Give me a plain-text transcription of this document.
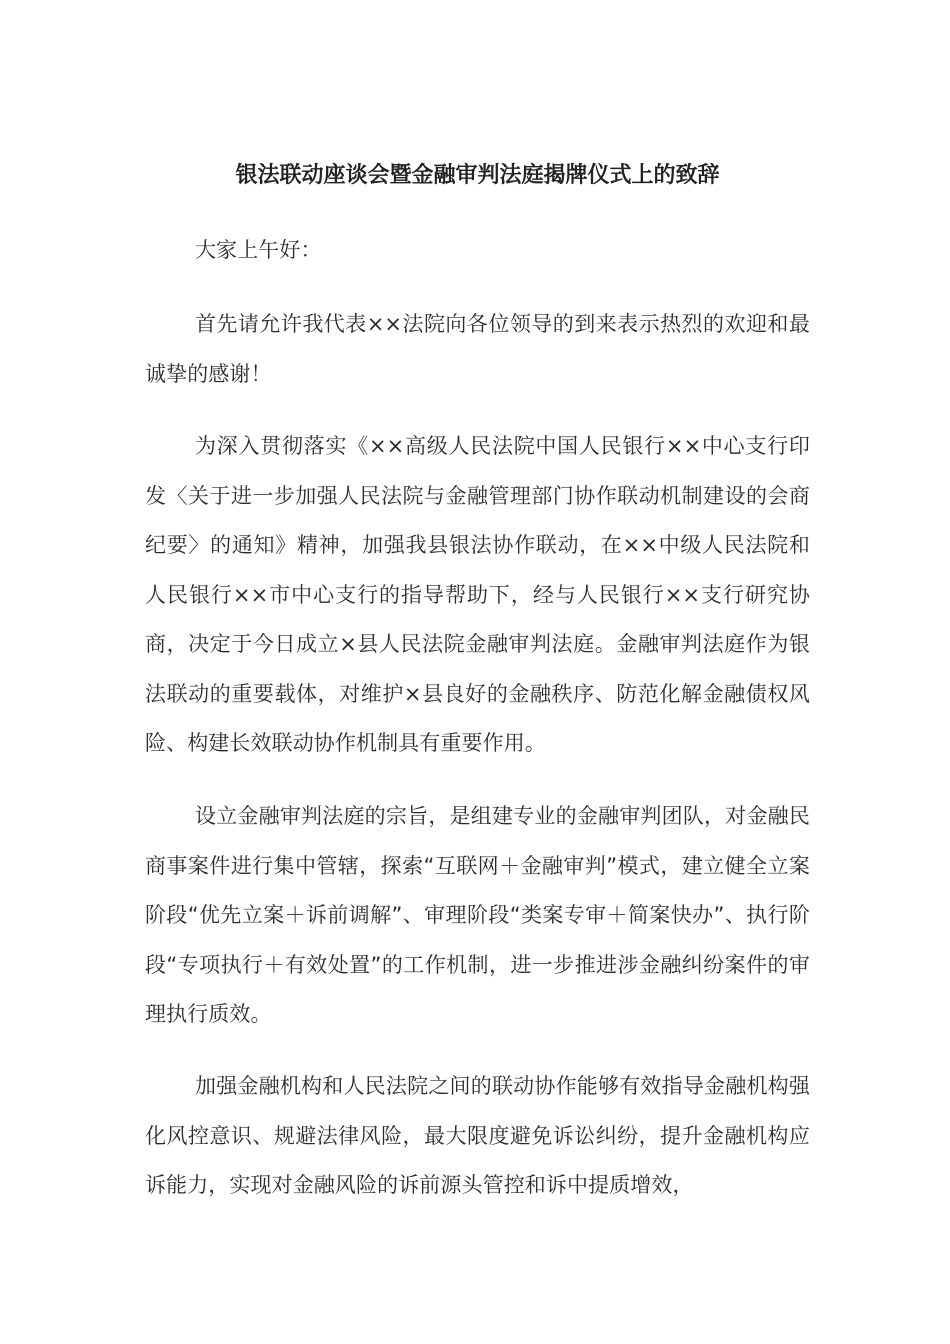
银法联动座谈会暨金融审判法庭揭牌仪式上的致辞

大家上午好：

首先请允许我代表××法院向各位领导的到来表示热烈的欢迎和最诚挚的感谢！

为深入贯彻落实《××高级人民法院中国人民银行××中心支行印发〈关于进一步加强人民法院与金融管理部门协作联动机制建设的会商纪要〉的通知》精神，加强我县银法协作联动，在××中级人民法院和人民银行××市中心支行的指导帮助下，经与人民银行××支行研究协商，决定于今日成立×县人民法院金融审判法庭。金融审判法庭作为银法联动的重要载体，对维护×县良好的金融秩序、防范化解金融债权风险、构建长效联动协作机制具有重要作用。

设立金融审判法庭的宗旨，是组建专业的金融审判团队，对金融民商事案件进行集中管辖，探索“互联网＋金融审判”模式，建立健全立案阶段“优先立案＋诉前调解”、审理阶段“类案专审＋简案快办”、执行阶段“专项执行＋有效处置”的工作机制，进一步推进涉金融纠纷案件的审理执行质效。

加强金融机构和人民法院之间的联动协作能够有效指导金融机构强化风控意识、规避法律风险，最大限度避免诉讼纠纷，提升金融机构应诉能力，实现对金融风险的诉前源头管控和诉中提质增效，
